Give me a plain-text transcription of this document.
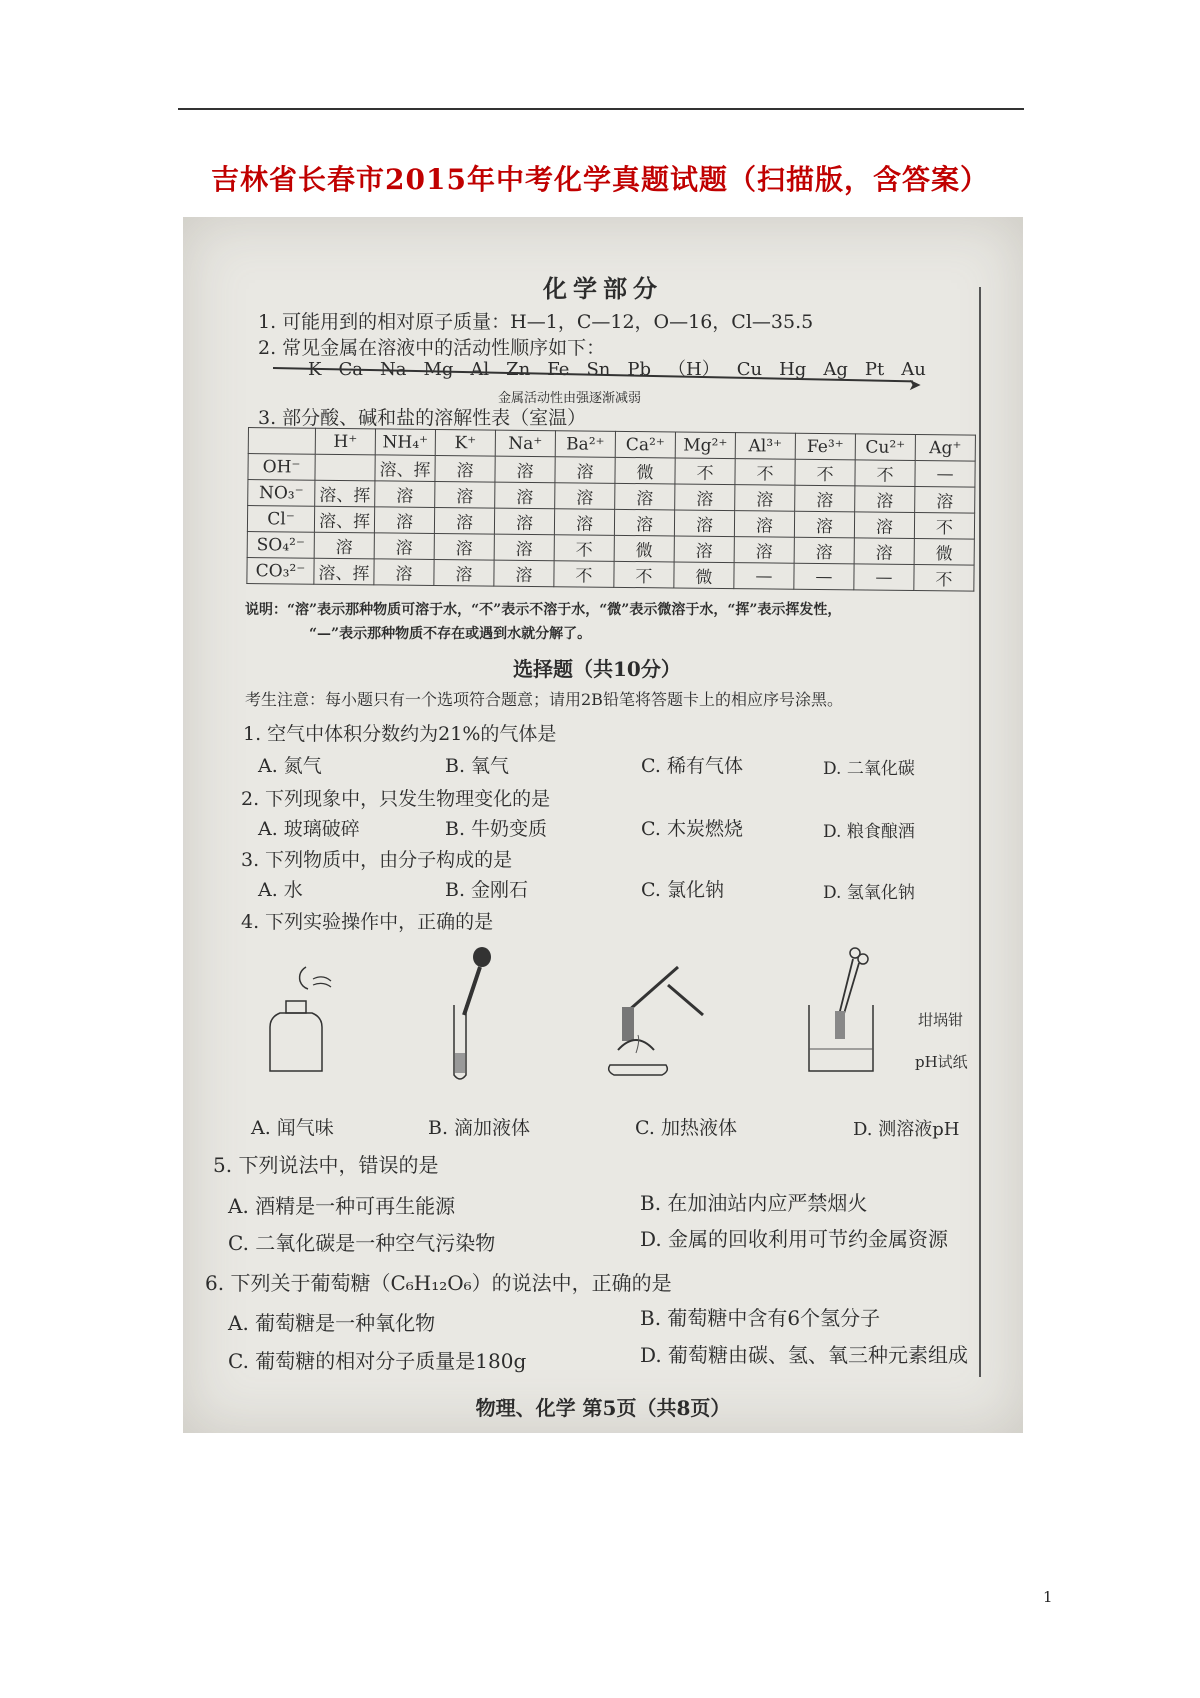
吉林省长春市2015年中考化学真题试题（扫描版，含答案）
化学部分
1. 可能用到的相对原子质量：H—1，C—12，O—16，Cl—35.5
2. 常见金属在溶液中的活动性顺序如下：
K Ca Na Mg Al Zn Fe Sn Pb （H） Cu Hg Ag Pt Au
➤
金属活动性由强逐渐减弱
3. 部分酸、碱和盐的溶解性表（室温）
	H⁺	NH₄⁺	K⁺	Na⁺	Ba²⁺	Ca²⁺	Mg²⁺	Al³⁺	Fe³⁺	Cu²⁺	Ag⁺
OH⁻		溶、挥	溶	溶	溶	微	不	不	不	不	—
NO₃⁻	溶、挥	溶	溶	溶	溶	溶	溶	溶	溶	溶	溶
Cl⁻	溶、挥	溶	溶	溶	溶	溶	溶	溶	溶	溶	不
SO₄²⁻	溶	溶	溶	溶	不	微	溶	溶	溶	溶	微
CO₃²⁻	溶、挥	溶	溶	溶	不	不	微	—	—	—	不
说明：“溶”表示那种物质可溶于水，“不”表示不溶于水，“微”表示微溶于水，“挥”表示挥发性，
“—”表示那种物质不存在或遇到水就分解了。
选择题（共10分）
考生注意：每小题只有一个选项符合题意；请用2B铅笔将答题卡上的相应序号涂黑。
1. 空气中体积分数约为21%的气体是
A. 氮气	B. 氧气	C. 稀有气体	D. 二氧化碳
2. 下列现象中，只发生物理变化的是
A. 玻璃破碎	B. 牛奶变质	C. 木炭燃烧	D. 粮食酿酒
3. 下列物质中，由分子构成的是
A. 水	B. 金刚石	C. 氯化钠	D. 氢氧化钠
4. 下列实验操作中，正确的是
坩埚钳
pH试纸
A. 闻气味	B. 滴加液体	C. 加热液体	D. 测溶液pH
5. 下列说法中，错误的是
A. 酒精是一种可再生能源	B. 在加油站内应严禁烟火
C. 二氧化碳是一种空气污染物	D. 金属的回收利用可节约金属资源
6. 下列关于葡萄糖（C₆H₁₂O₆）的说法中，正确的是
A. 葡萄糖是一种氧化物	B. 葡萄糖中含有6个氢分子
C. 葡萄糖的相对分子质量是180g	D. 葡萄糖由碳、氢、氧三种元素组成
物理、化学 第5页（共8页）
1
